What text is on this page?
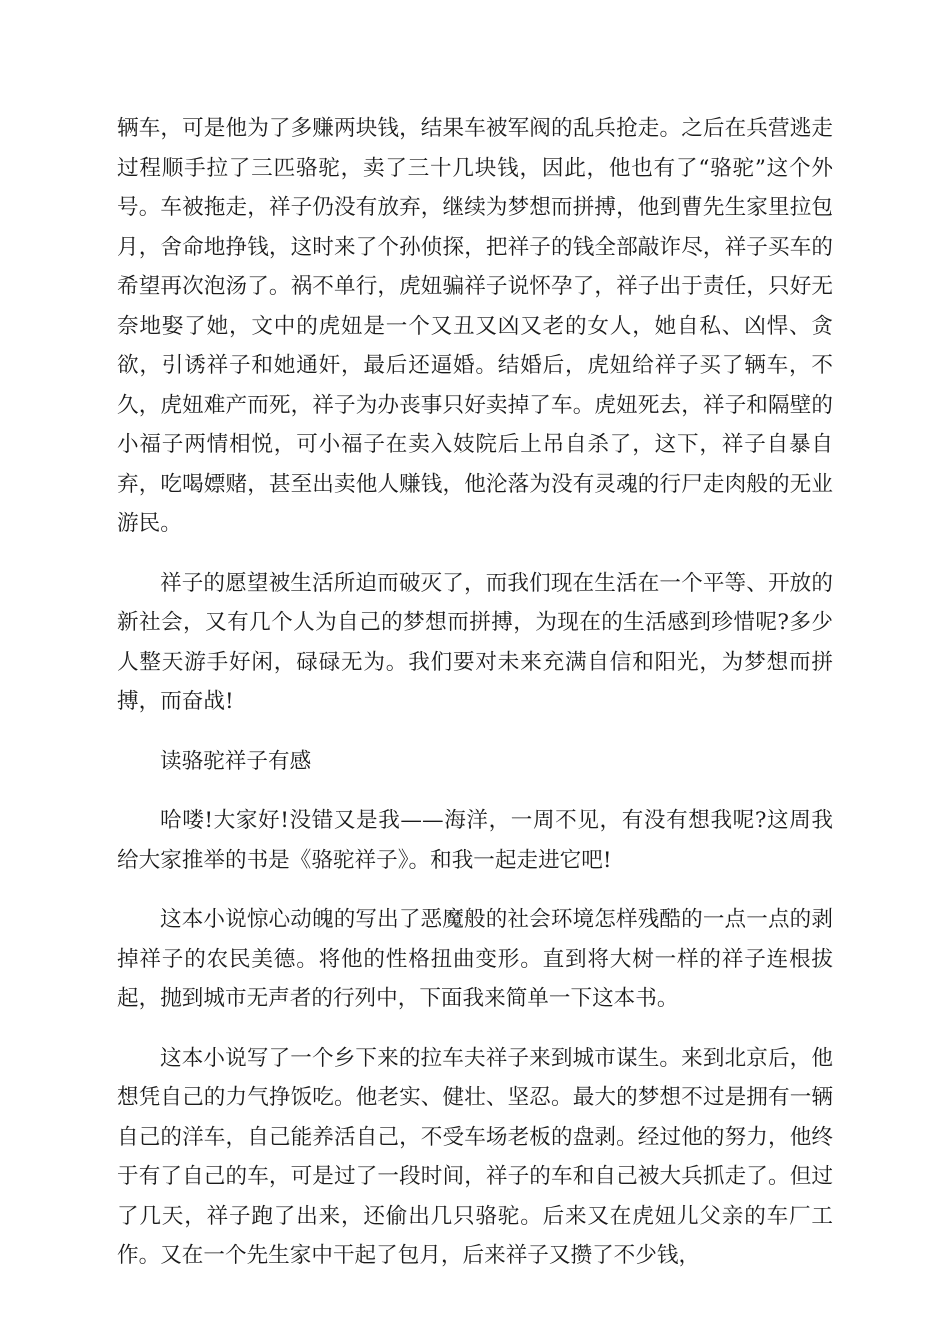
辆车，可是他为了多赚两块钱，结果车被军阀的乱兵抢走。之后在兵营逃走过程顺手拉了三匹骆驼，卖了三十几块钱，因此，他也有了“骆驼”这个外号。车被拖走，祥子仍没有放弃，继续为梦想而拼搏，他到曹先生家里拉包月，舍命地挣钱，这时来了个孙侦探，把祥子的钱全部敲诈尽，祥子买车的希望再次泡汤了。祸不单行，虎妞骗祥子说怀孕了，祥子出于责任，只好无奈地娶了她，文中的虎妞是一个又丑又凶又老的女人，她自私、凶悍、贪欲，引诱祥子和她通奸，最后还逼婚。结婚后，虎妞给祥子买了辆车，不久，虎妞难产而死，祥子为办丧事只好卖掉了车。虎妞死去，祥子和隔壁的小福子两情相悦，可小福子在卖入妓院后上吊自杀了，这下，祥子自暴自弃，吃喝嫖赌，甚至出卖他人赚钱，他沦落为没有灵魂的行尸走肉般的无业游民。

祥子的愿望被生活所迫而破灭了，而我们现在生活在一个平等、开放的新社会，又有几个人为自己的梦想而拼搏，为现在的生活感到珍惜呢?多少人整天游手好闲，碌碌无为。我们要对未来充满自信和阳光，为梦想而拼搏，而奋战!

读骆驼祥子有感

哈喽!大家好!没错又是我——海洋，一周不见，有没有想我呢?这周我给大家推举的书是《骆驼祥子》。和我一起走进它吧!

这本小说惊心动魄的写出了恶魔般的社会环境怎样残酷的一点一点的剥掉祥子的农民美德。将他的性格扭曲变形。直到将大树一样的祥子连根拔起，抛到城市无声者的行列中，下面我来简单一下这本书。

这本小说写了一个乡下来的拉车夫祥子来到城市谋生。来到北京后，他想凭自己的力气挣饭吃。他老实、健壮、坚忍。最大的梦想不过是拥有一辆自己的洋车，自己能养活自己，不受车场老板的盘剥。经过他的努力，他终于有了自己的车，可是过了一段时间，祥子的车和自己被大兵抓走了。但过了几天，祥子跑了出来，还偷出几只骆驼。后来又在虎妞儿父亲的车厂工作。又在一个先生家中干起了包月，后来祥子又攒了不少钱，
